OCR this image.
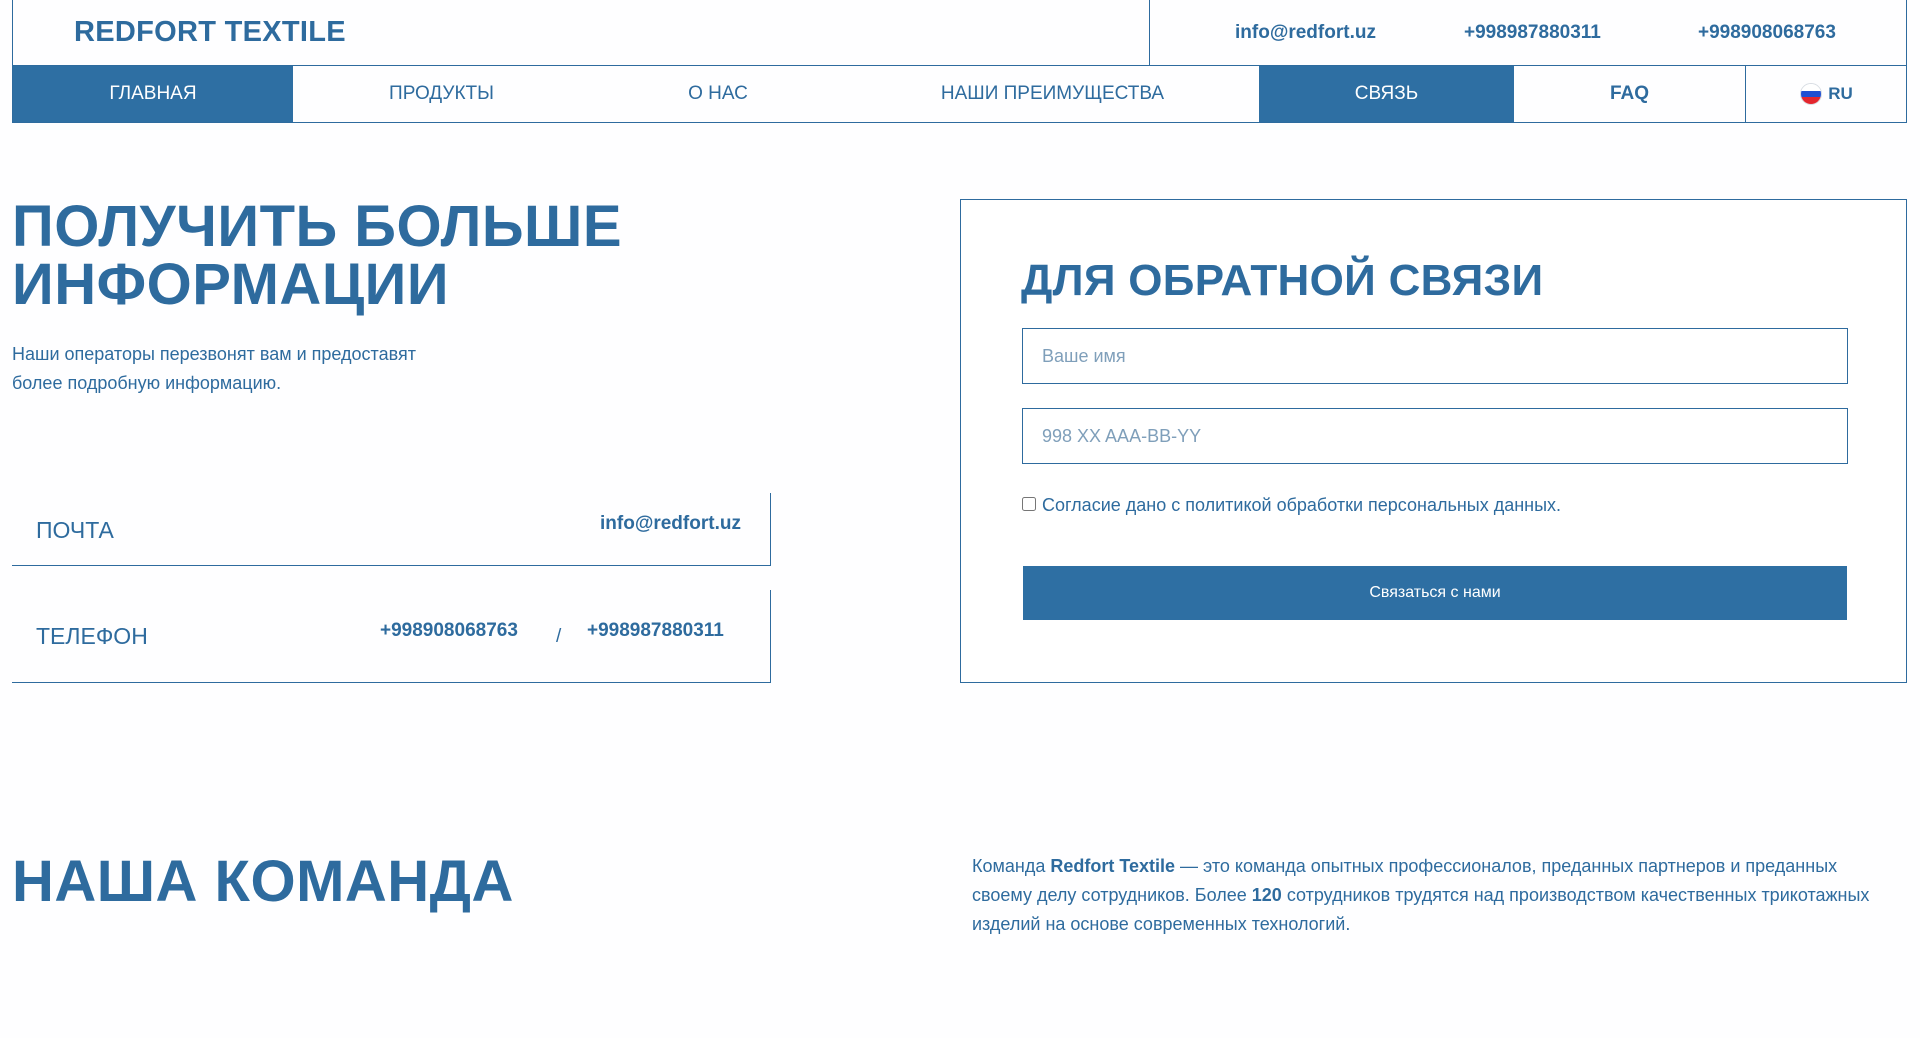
REDFORT TEXTILE	info@redfort.uz	+998987880311	+998908068763
ГЛАВНАЯ	ПРОДУКТЫ	О НАС	НАШИ ПРЕИМУЩЕСТВА	СВЯЗЬ	FAQ	RU
ПОЛУЧИТЬ БОЛЬШЕ
ИНФОРМАЦИИ
Наши операторы перезвонят вам и предоставят
более подробную информацию.
ПОЧТА	info@redfort.uz
ТЕЛЕФОН	+998908068763 / +998987880311
ДЛЯ ОБРАТНОЙ СВЯЗИ
Ваше имя
998 XX AAA-BB-YY
Согласие дано с политикой обработки персональных данных.
Связаться с нами
НАША КОМАНДА	Команда Redfort Textile — это команда опытных профессионалов, преданных партнеров и преданных своему делу сотрудников. Более 120 сотрудников трудятся над производством качественных трикотажных изделий на основе современных технологий.
